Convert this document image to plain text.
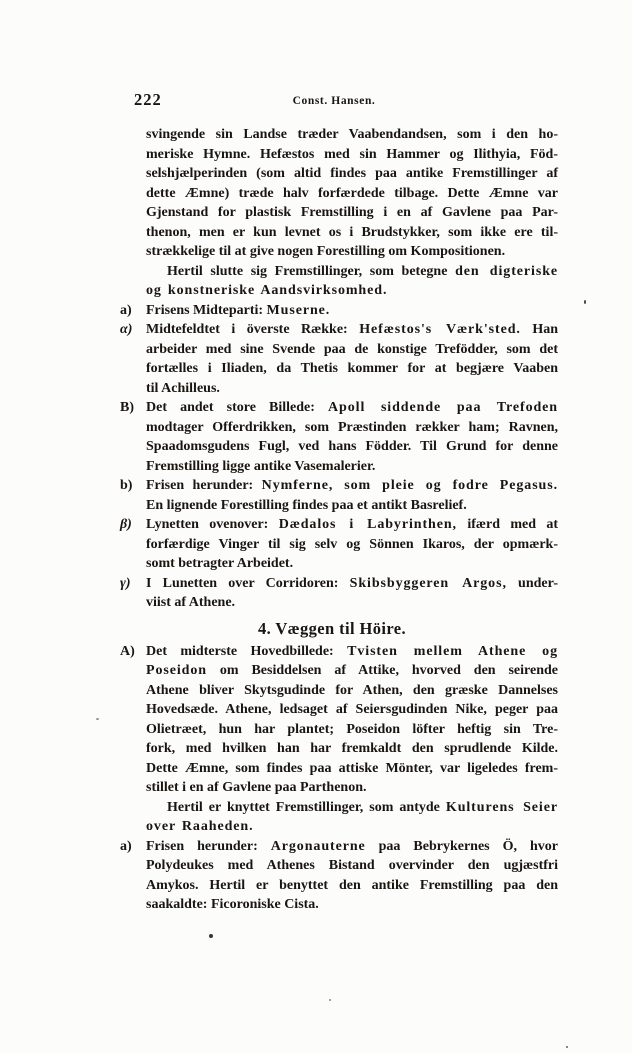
222	Const. Hansen.
svingende sin Landse træder Vaabendandsen, som i den ho-
meriske Hymne. Hefæstos med sin Hammer og Ilithyia, Föd-
selshjælperinden (som altid findes paa antike Fremstillinger af
dette Æmne) træde halv forfærdede tilbage. Dette Æmne var
Gjenstand for plastisk Fremstilling i en af Gavlene paa Par-
thenon, men er kun levnet os i Brudstykker, som ikke ere til-
strækkelige til at give nogen Forestilling om Kompositionen.
Hertil slutte sig Fremstillinger, som betegne den digteriske
og konstneriske Aandsvirksomhed.
a)	Frisens Midteparti: Muserne.
α) Midtefeldtet i överste Række: Hefæstos's Værk'sted. Han
arbeider med sine Svende paa de konstige Trefödder, som det
fortælles i Iliaden, da Thetis kommer for at begjære Vaaben
til Achilleus.
B) Det andet store Billede: Apoll siddende paa Trefoden
modtager Offerdrikken, som Præstinden rækker ham; Ravnen,
Spaadomsgudens Fugl, ved hans Födder. Til Grund for denne
Fremstilling ligge antike Vasemalerier.
b) Frisen herunder: Nymferne, som pleie og fodre Pegasus.
En lignende Forestilling findes paa et antikt Basrelief.
β)	Lynetten ovenover: Dædalos i Labyrinthen, ifærd med at
forfærdige Vinger til sig selv og Sönnen Ikaros, der opmærk-
somt betragter Arbeidet.
γ)	I Lunetten over Corridoren: Skibsbyggeren Argos, under-
viist af Athene.
4. Væggen til Höire.
A) Det midterste Hovedbillede: Tvisten mellem Athene og
Poseidon om Besiddelsen af Attike, hvorved den seirende
Athene bliver Skytsgudinde for Athen, den græske Dannelses
Hovedsæde. Athene, ledsaget af Seiersgudinden Nike, peger paa
Olietræet, hun har plantet; Poseidon löfter heftig sin Tre-
fork, med hvilken han har fremkaldt den sprudlende Kilde.
Dette Æmne, som findes paa attiske Mönter, var ligeledes frem-
stillet i en af Gavlene paa Parthenon.
Hertil er knyttet Fremstillinger, som antyde Kulturens Seier
over Raaheden.
a)	Frisen herunder: Argonauterne paa Bebrykernes Ö, hvor
Polydeukes med Athenes Bistand overvinder den ugjæstfri
Amykos. Hertil er benyttet den antike Fremstilling paa den
saakaldte: Ficoroniske Cista.
